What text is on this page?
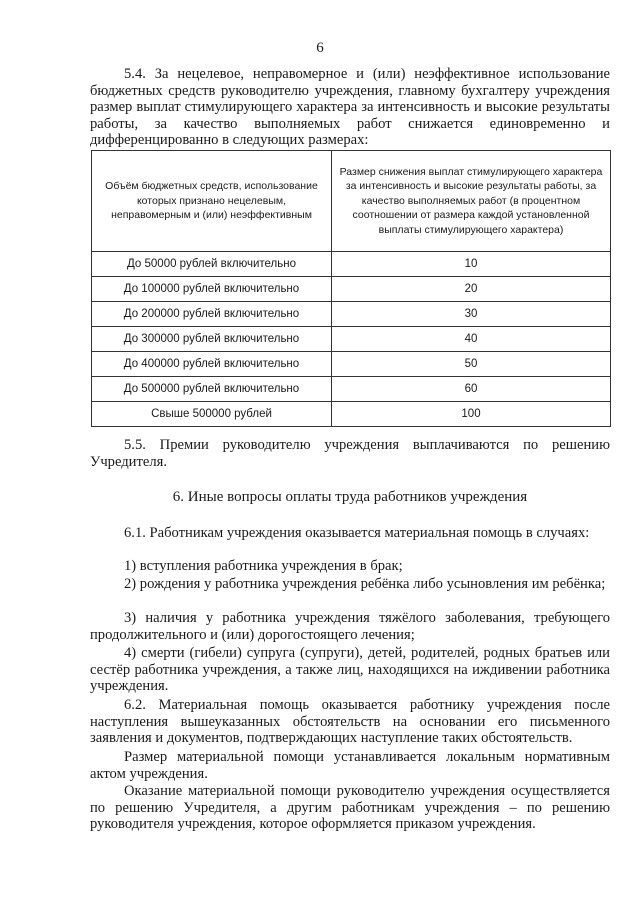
6

5.4. За нецелевое, неправомерное и (или) неэффективное использование бюджетных средств руководителю учреждения, главному бухгалтеру учреждения размер выплат стимулирующего характера за интенсивность и высокие результаты работы, за качество выполняемых работ снижается единовременно и дифференцированно в следующих размерах:

Объём бюджетных средств, использование которых признано нецелевым, неправомерным и (или) неэффективным	Размер снижения выплат стимулирующего характера за интенсивность и высокие результаты работы, за качество выполняемых работ (в процентном соотношении от размера каждой установленной выплаты стимулирующего характера)
До 50000 рублей включительно	10
До 100000 рублей включительно	20
До 200000 рублей включительно	30
До 300000 рублей включительно	40
До 400000 рублей включительно	50
До 500000 рублей включительно	60
Свыше 500000 рублей	100

5.5. Премии руководителю учреждения выплачиваются по решению Учредителя.

6. Иные вопросы оплаты труда работников учреждения

6.1. Работникам учреждения оказывается материальная помощь в случаях:

1) вступления работника учреждения в брак;

2) рождения у работника учреждения ребёнка либо усыновления им ребёнка;

3) наличия у работника учреждения тяжёлого заболевания, требующего продолжительного и (или) дорогостоящего лечения;

4) смерти (гибели) супруга (супруги), детей, родителей, родных братьев или сестёр работника учреждения, а также лиц, находящихся на иждивении работника учреждения.

6.2. Материальная помощь оказывается работнику учреждения после наступления вышеуказанных обстоятельств на основании его письменного заявления и документов, подтверждающих наступление таких обстоятельств.

Размер материальной помощи устанавливается локальным нормативным актом учреждения.

Оказание материальной помощи руководителю учреждения осуществляется по решению Учредителя, а другим работникам учреждения – по решению руководителя учреждения, которое оформляется приказом учреждения.
